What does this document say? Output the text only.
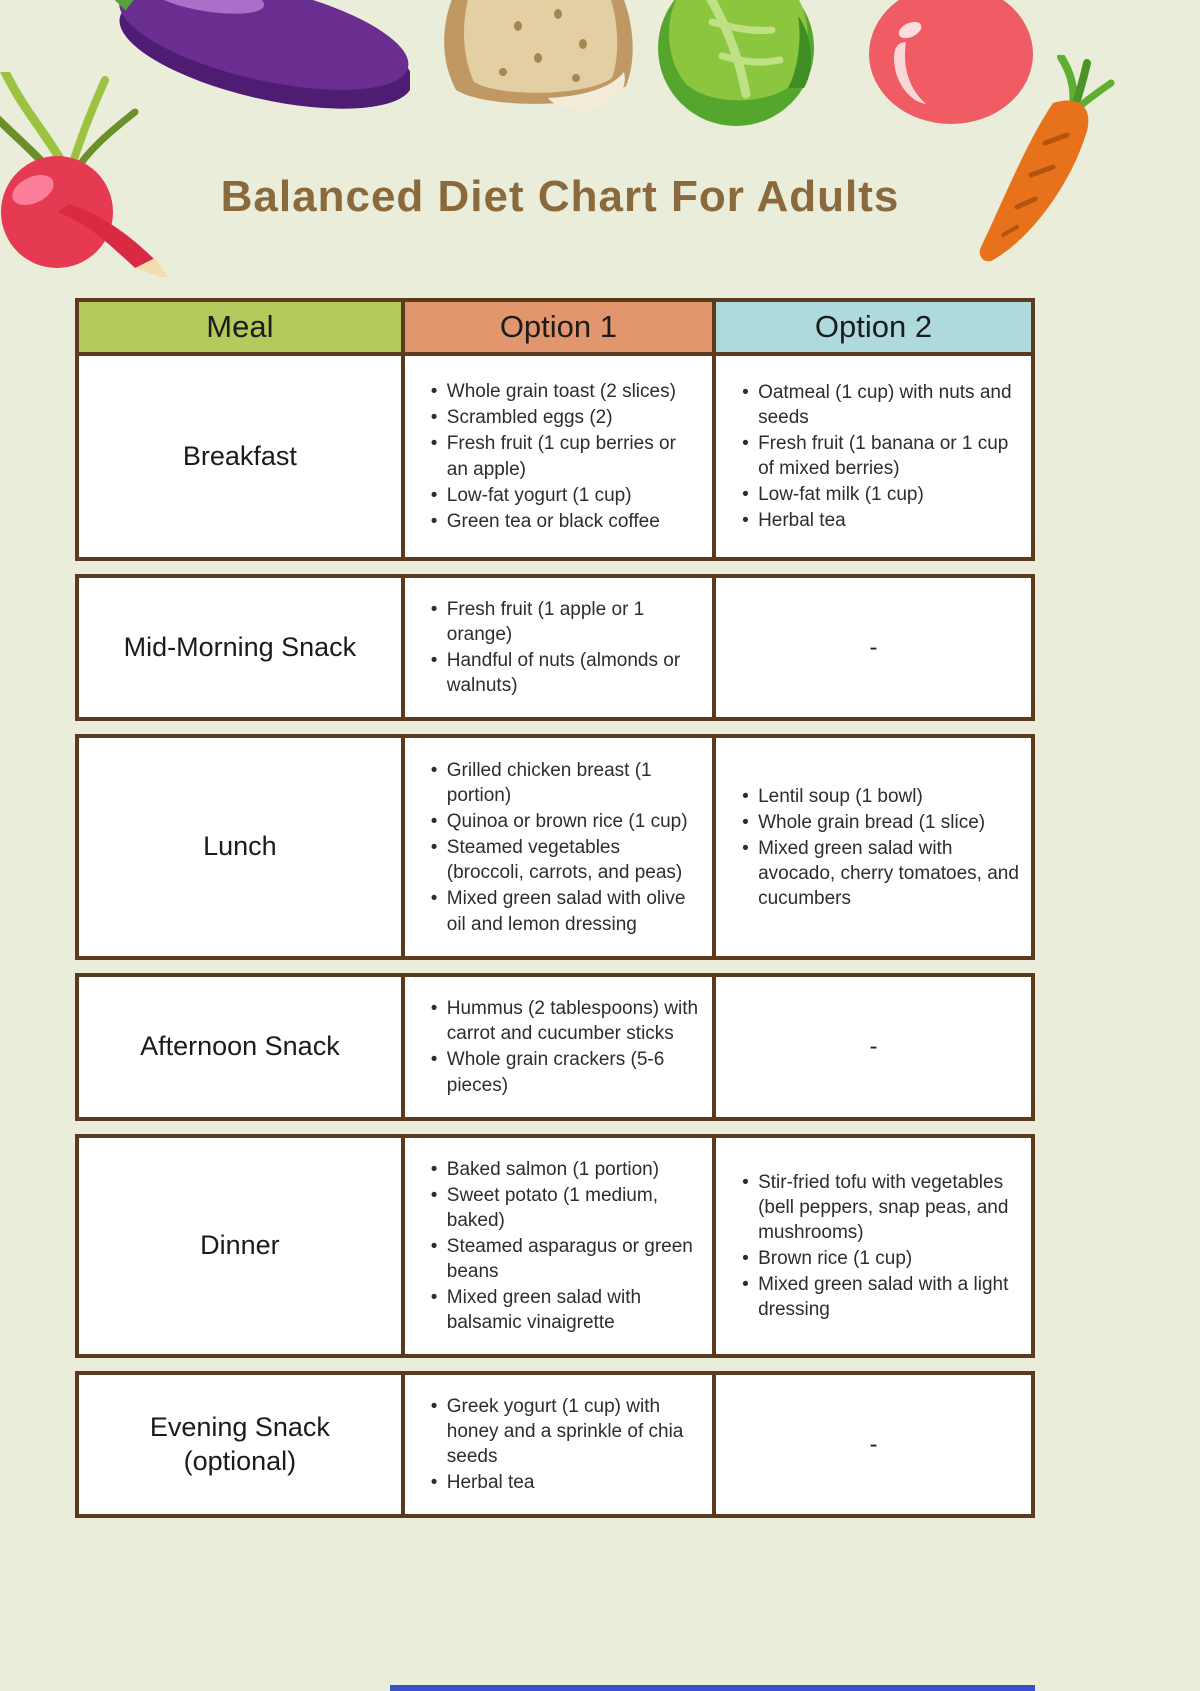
Balanced Diet Chart For Adults
Meal	Option 1	Option 2
Breakfast
• Whole grain toast (2 slices)
• Scrambled eggs (2)
• Fresh fruit (1 cup berries or an apple)
• Low-fat yogurt (1 cup)
• Green tea or black coffee
• Oatmeal (1 cup) with nuts and seeds
• Fresh fruit (1 banana or 1 cup of mixed berries)
• Low-fat milk (1 cup)
• Herbal tea
Mid-Morning Snack
• Fresh fruit (1 apple or 1 orange)
• Handful of nuts (almonds or walnuts)
-
Lunch
• Grilled chicken breast (1 portion)
• Quinoa or brown rice (1 cup)
• Steamed vegetables (broccoli, carrots, and peas)
• Mixed green salad with olive oil and lemon dressing
• Lentil soup (1 bowl)
• Whole grain bread (1 slice)
• Mixed green salad with avocado, cherry tomatoes, and cucumbers
Afternoon Snack
• Hummus (2 tablespoons) with carrot and cucumber sticks
• Whole grain crackers (5-6 pieces)
-
Dinner
• Baked salmon (1 portion)
• Sweet potato (1 medium, baked)
• Steamed asparagus or green beans
• Mixed green salad with balsamic vinaigrette
• Stir-fried tofu with vegetables (bell peppers, snap peas, and mushrooms)
• Brown rice (1 cup)
• Mixed green salad with a light dressing
Evening Snack (optional)
• Greek yogurt (1 cup) with honey and a sprinkle of chia seeds
• Herbal tea
-
